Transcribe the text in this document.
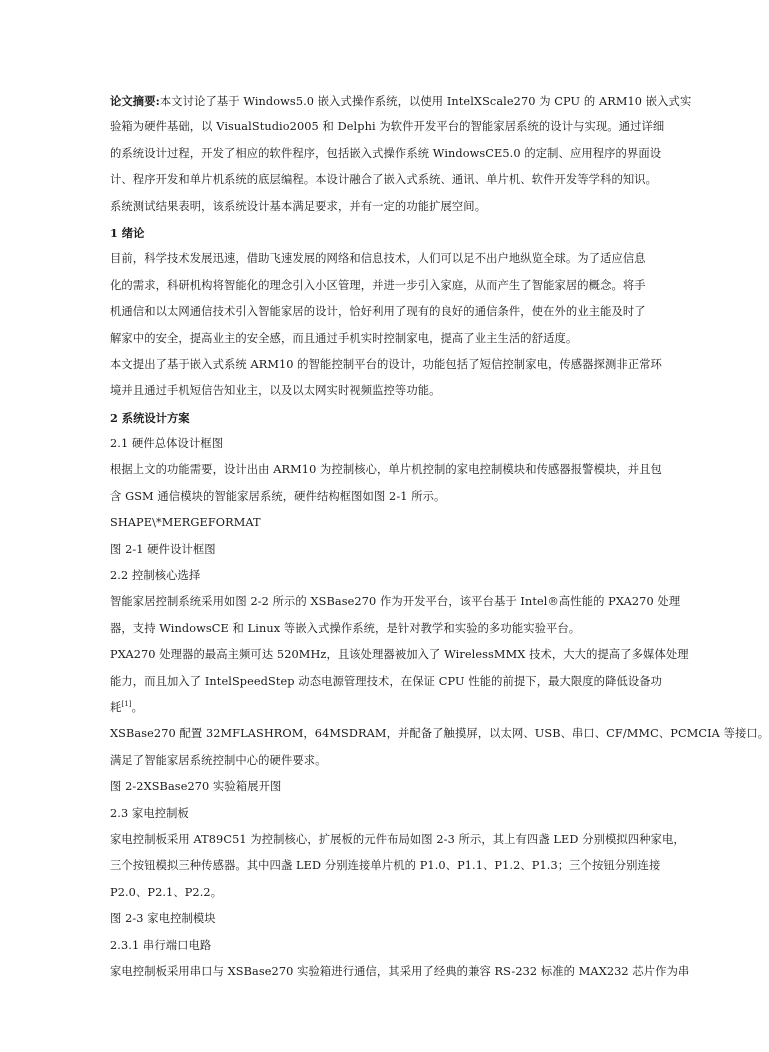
论文摘要:本文讨论了基于 Windows5.0 嵌入式操作系统，以使用 IntelXScale270 为 CPU 的 ARM10 嵌入式实
验箱为硬件基础，以 VisualStudio2005 和 Delphi 为软件开发平台的智能家居系统的设计与实现。通过详细
的系统设计过程，开发了相应的软件程序，包括嵌入式操作系统 WindowsCE5.0 的定制、应用程序的界面设
计、程序开发和单片机系统的底层编程。本设计融合了嵌入式系统、通讯、单片机、软件开发等学科的知识。
系统测试结果表明，该系统设计基本满足要求，并有一定的功能扩展空间。
1 绪论
目前，科学技术发展迅速，借助飞速发展的网络和信息技术，人们可以足不出户地纵览全球。为了适应信息
化的需求，科研机构将智能化的理念引入小区管理，并进一步引入家庭，从而产生了智能家居的概念。将手
机通信和以太网通信技术引入智能家居的设计，恰好利用了现有的良好的通信条件，使在外的业主能及时了
解家中的安全，提高业主的安全感，而且通过手机实时控制家电，提高了业主生活的舒适度。
本文提出了基于嵌入式系统 ARM10 的智能控制平台的设计，功能包括了短信控制家电，传感器探测非正常环
境并且通过手机短信告知业主，以及以太网实时视频监控等功能。
2 系统设计方案
2.1 硬件总体设计框图
根据上文的功能需要，设计出由 ARM10 为控制核心，单片机控制的家电控制模块和传感器报警模块，并且包
含 GSM 通信模块的智能家居系统，硬件结构框图如图 2-1 所示。
SHAPE\*MERGEFORMAT
图 2-1 硬件设计框图
2.2 控制核心选择
智能家居控制系统采用如图 2-2 所示的 XSBase270 作为开发平台，该平台基于 Intel®高性能的 PXA270 处理
器，支持 WindowsCE 和 Linux 等嵌入式操作系统，是针对教学和实验的多功能实验平台。
PXA270 处理器的最高主频可达 520MHz，且该处理器被加入了 WirelessMMX 技术，大大的提高了多媒体处理
能力，而且加入了 IntelSpeedStep 动态电源管理技术，在保证 CPU 性能的前提下，最大限度的降低设备功
耗[1]。
XSBase270 配置 32MFLASHROM，64MSDRAM，并配备了触摸屏，以太网、USB、串口、CF/MMC、PCMCIA 等接口。
满足了智能家居系统控制中心的硬件要求。
图 2-2XSBase270 实验箱展开图
2.3 家电控制板
家电控制板采用 AT89C51 为控制核心，扩展板的元件布局如图 2-3 所示，其上有四盏 LED 分别模拟四种家电，
三个按钮模拟三种传感器。其中四盏 LED 分别连接单片机的 P1.0、P1.1、P1.2、P1.3；三个按钮分别连接
P2.0、P2.1、P2.2。
图 2-3 家电控制模块
2.3.1 串行端口电路
家电控制板采用串口与 XSBase270 实验箱进行通信，其采用了经典的兼容 RS-232 标准的 MAX232 芯片作为串
